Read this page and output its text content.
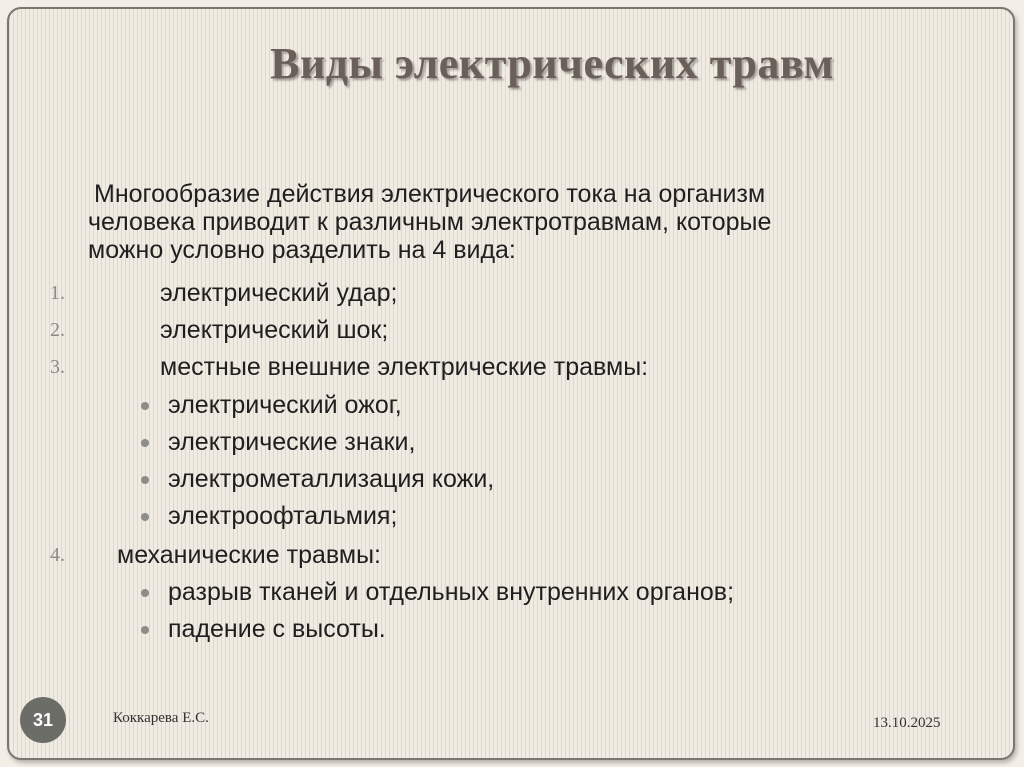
Виды электрических травм
Многообразие действия электрического тока на организм
человека приводит к различным электротравмам, которые
можно условно разделить на 4 вида:
1.	электрический удар;
2.	электрический шок;
3.	местные внешние электрические травмы:
электрический ожог,
электрические знаки,
электрометаллизация кожи,
электроофтальмия;
4.	механические травмы:
разрыв тканей и отдельных внутренних органов;
падение с высоты.
31	Коккарева Е.С.	13.10.2025
